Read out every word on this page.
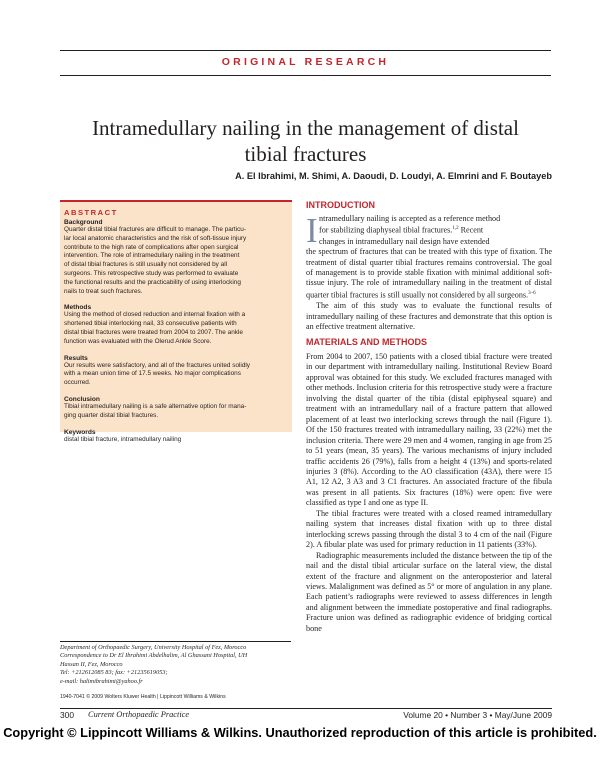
ORIGINAL RESEARCH
Intramedullary nailing in the management of distal
tibial fractures
A. El Ibrahimi, M. Shimi, A. Daoudi, D. Loudyi, A. Elmrini and F. Boutayeb
ABSTRACT
Background
Quarter distal tibial fractures are difficult to manage. The particu-
lar local anatomic characteristics and the risk of soft-tissue injury
contribute to the high rate of complications after open surgical
intervention. The role of intramedullary nailing in the treatment
of distal tibial fractures is still usually not considered by all
surgeons. This retrospective study was performed to evaluate
the functional results and the practicability of using interlocking
nails to treat such fractures.
Methods
Using the method of closed reduction and internal fixation with a
shortened tibial interlocking nail, 33 consecutive patients with
distal tibial fractures were treated from 2004 to 2007. The ankle
function was evaluated with the Olerud Ankle Score.
Results
Our results were satisfactory, and all of the fractures united solidly
with a mean union time of 17.5 weeks. No major complications
occurred.
Conclusion
Tibial intramedullary nailing is a safe alternative option for mana-
ging quarter distal tibial fractures.
Keywords
distal tibial fracture, intramedullary nailing
INTRODUCTION
I ntramedullary nailing is accepted as a reference method
for stabilizing diaphyseal tibial fractures.$^{1,2}$ Recent
changes in intramedullary nail design have extended

the spectrum of fractures that can be treated with this type of fixation. The treatment of distal quarter tibial fractures remains controversial. The goal of management is to provide stable fixation with minimal additional soft-tissue injury. The role of intramedullary nailing in the treatment of distal quarter tibial fractures is still usually not considered by all surgeons.$^{3-6}$

The aim of this study was to evaluate the functional results of intramedullary nailing of these fractures and demonstrate that this option is an effective treatment alternative.

MATERIALS AND METHODS

From 2004 to 2007, 150 patients with a closed tibial fracture were treated in our department with intramedullary nailing. Institutional Review Board approval was obtained for this study. We excluded fractures managed with other methods. Inclusion criteria for this retrospective study were a fracture involving the distal quarter of the tibia (distal epiphyseal square) and treatment with an intramedullary nail of a fracture pattern that allowed placement of at least two interlocking screws through the nail (Figure 1). Of the 150 fractures treated with intramedullary nailing, 33 (22%) met the inclusion criteria. There were 29 men and 4 women, ranging in age from 25 to 51 years (mean, 35 years). The various mechanisms of injury included traffic accidents 26 (79%), falls from a height 4 (13%) and sports-related injuries 3 (8%). According to the AO classification (43A), there were 15 A1, 12 A2, 3 A3 and 3 C1 fractures. An associated fracture of the fibula was present in all patients. Six fractures (18%) were open: five were classified as type I and one as type II.

The tibial fractures were treated with a closed reamed intramedullary nailing system that increases distal fixation with up to three distal interlocking screws passing through the distal 3 to 4 cm of the nail (Figure 2). A fibular plate was used for primary reduction in 11 patients (33%).

Radiographic measurements included the distance between the tip of the nail and the distal tibial articular surface on the lateral view, the distal extent of the fracture and alignment on the anteroposterior and lateral views. Malalignment was defined as 5° or more of angulation in any plane. Each patient’s radiographs were reviewed to assess differences in length and alignment between the immediate postoperative and final radiographs. Fracture union was defined as radiographic evidence of bridging cortical bone

Department of Orthopaedic Surgery, University Hospital of Fez, Morocco
Correspondence to Dr El Ibrahimi Abdelhalim, Al Ghassani Hospital, UH
Hassan II, Fez, Morocco
Tel: +212612085 83; fax: +21235619053;
e-mail: halimibrahimi@yahoo.fr
1940-7041 © 2009 Wolters Kluwer Health | Lippincott Williams & Wilkins
300 Current Orthopaedic Practice	Volume 20 • Number 3 • May/June 2009
Copyright © Lippincott Williams & Wilkins. Unauthorized reproduction of this article is prohibited.
